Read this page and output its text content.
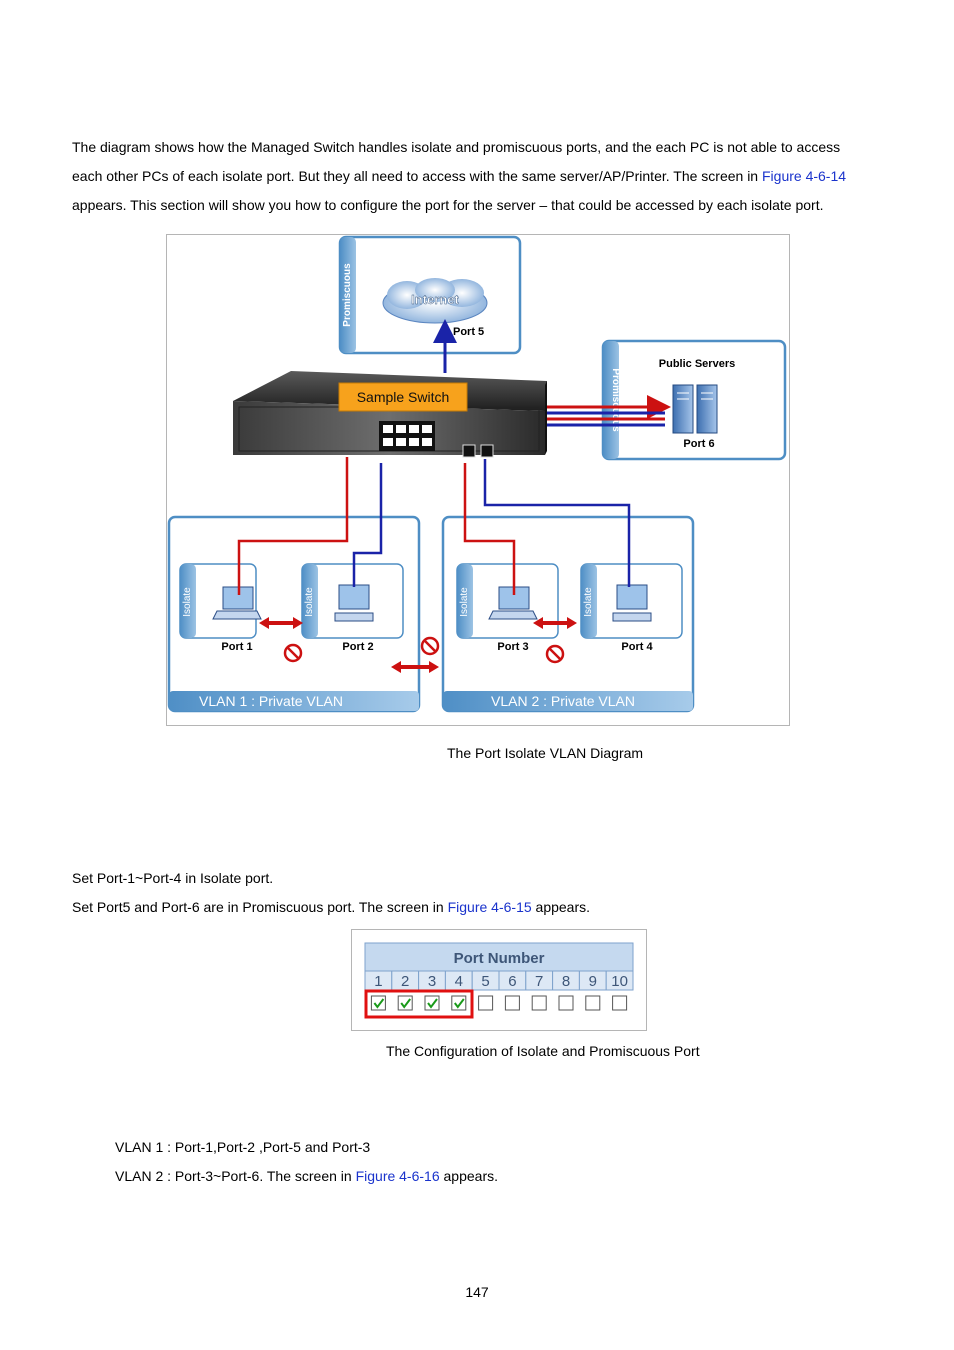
The diagram shows how the Managed Switch handles isolate and promiscuous ports, and the each PC is not able to access

each other PCs of each isolate port. But they all need to access with the same server/AP/Printer. The screen in Figure 4-6-14

appears. This section will show you how to configure the port for the server – that could be accessed by each isolate port.

Promiscuous	Internet
Port 5
Promiscuous
Public Servers
Port 6
Sample Switch
VLAN 1 : Private VLAN
Isolate
Port 1
Isolate
Port 2
VLAN 2 : Private VLAN
Isolate
Port 3
Isolate
Port 4
The Port Isolate VLAN Diagram

Set Port-1~Port-4 in Isolate port.

Set Port5 and Port-6 are in Promiscuous port. The screen in Figure 4-6-15 appears.

Port Number
1 2 3 4 5 6 7 8 9 10
The Configuration of Isolate and Promiscuous Port

VLAN 1 : Port-1,Port-2 ,Port-5 and Port-3

VLAN 2 : Port-3~Port-6. The screen in Figure 4-6-16 appears.

147
